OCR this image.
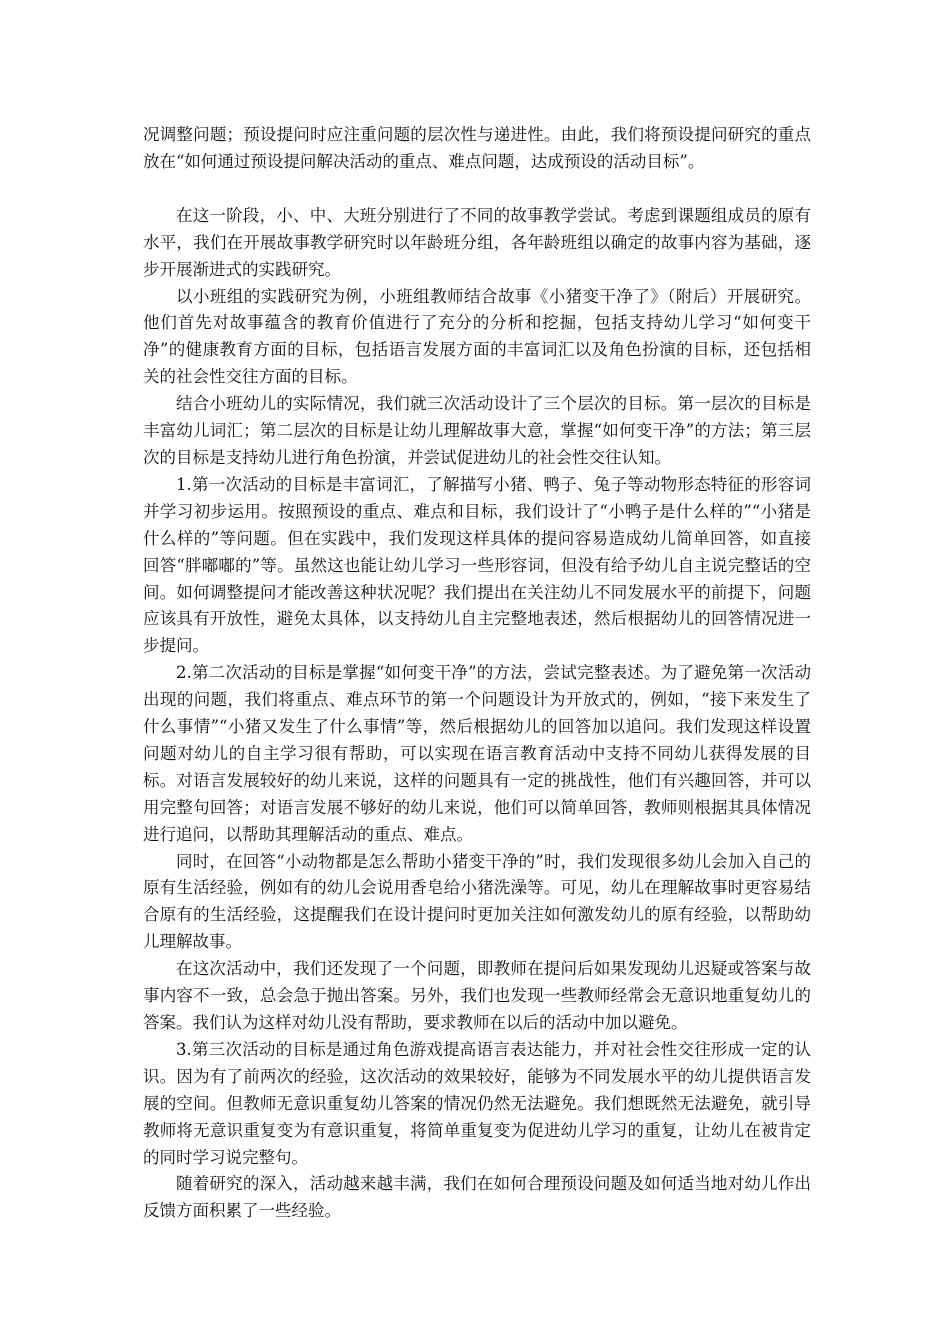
况调整问题；预设提问时应注重问题的层次性与递进性。由此，我们将预设提问研究的重点放在“如何通过预设提问解决活动的重点、难点问题，达成预设的活动目标”。

在这一阶段，小、中、大班分别进行了不同的故事教学尝试。考虑到课题组成员的原有水平，我们在开展故事教学研究时以年龄班分组，各年龄班组以确定的故事内容为基础，逐步开展渐进式的实践研究。

以小班组的实践研究为例，小班组教师结合故事《小猪变干净了》（附后）开展研究。他们首先对故事蕴含的教育价值进行了充分的分析和挖掘，包括支持幼儿学习“如何变干净”的健康教育方面的目标，包括语言发展方面的丰富词汇以及角色扮演的目标，还包括相关的社会性交往方面的目标。

结合小班幼儿的实际情况，我们就三次活动设计了三个层次的目标。第一层次的目标是丰富幼儿词汇；第二层次的目标是让幼儿理解故事大意，掌握“如何变干净”的方法；第三层次的目标是支持幼儿进行角色扮演，并尝试促进幼儿的社会性交往认知。

1.第一次活动的目标是丰富词汇，了解描写小猪、鸭子、兔子等动物形态特征的形容词并学习初步运用。按照预设的重点、难点和目标，我们设计了“小鸭子是什么样的”“小猪是什么样的”等问题。但在实践中，我们发现这样具体的提问容易造成幼儿简单回答，如直接回答“胖嘟嘟的”等。虽然这也能让幼儿学习一些形容词，但没有给予幼儿自主说完整话的空间。如何调整提问才能改善这种状况呢？我们提出在关注幼儿不同发展水平的前提下，问题应该具有开放性，避免太具体，以支持幼儿自主完整地表述，然后根据幼儿的回答情况进一步提问。

2.第二次活动的目标是掌握“如何变干净”的方法，尝试完整表述。为了避免第一次活动出现的问题，我们将重点、难点环节的第一个问题设计为开放式的，例如，“接下来发生了什么事情”“小猪又发生了什么事情”等，然后根据幼儿的回答加以追问。我们发现这样设置问题对幼儿的自主学习很有帮助，可以实现在语言教育活动中支持不同幼儿获得发展的目标。对语言发展较好的幼儿来说，这样的问题具有一定的挑战性，他们有兴趣回答，并可以用完整句回答；对语言发展不够好的幼儿来说，他们可以简单回答，教师则根据其具体情况进行追问，以帮助其理解活动的重点、难点。

同时，在回答“小动物都是怎么帮助小猪变干净的”时，我们发现很多幼儿会加入自己的原有生活经验，例如有的幼儿会说用香皂给小猪洗澡等。可见，幼儿在理解故事时更容易结合原有的生活经验，这提醒我们在设计提问时更加关注如何激发幼儿的原有经验，以帮助幼儿理解故事。

在这次活动中，我们还发现了一个问题，即教师在提问后如果发现幼儿迟疑或答案与故事内容不一致，总会急于抛出答案。另外，我们也发现一些教师经常会无意识地重复幼儿的答案。我们认为这样对幼儿没有帮助，要求教师在以后的活动中加以避免。

3.第三次活动的目标是通过角色游戏提高语言表达能力，并对社会性交往形成一定的认识。因为有了前两次的经验，这次活动的效果较好，能够为不同发展水平的幼儿提供语言发展的空间。但教师无意识重复幼儿答案的情况仍然无法避免。我们想既然无法避免，就引导教师将无意识重复变为有意识重复，将简单重复变为促进幼儿学习的重复，让幼儿在被肯定的同时学习说完整句。

随着研究的深入，活动越来越丰满，我们在如何合理预设问题及如何适当地对幼儿作出反馈方面积累了一些经验。
